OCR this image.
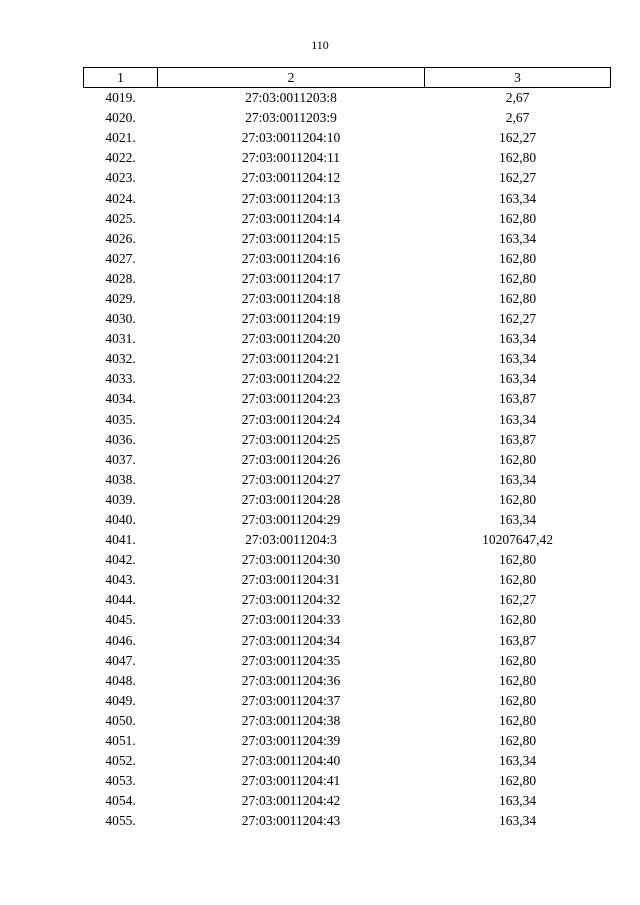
110
1	2	3
4019.	27:03:0011203:8	2,67
4020.	27:03:0011203:9	2,67
4021.	27:03:0011204:10	162,27
4022.	27:03:0011204:11	162,80
4023.	27:03:0011204:12	162,27
4024.	27:03:0011204:13	163,34
4025.	27:03:0011204:14	162,80
4026.	27:03:0011204:15	163,34
4027.	27:03:0011204:16	162,80
4028.	27:03:0011204:17	162,80
4029.	27:03:0011204:18	162,80
4030.	27:03:0011204:19	162,27
4031.	27:03:0011204:20	163,34
4032.	27:03:0011204:21	163,34
4033.	27:03:0011204:22	163,34
4034.	27:03:0011204:23	163,87
4035.	27:03:0011204:24	163,34
4036.	27:03:0011204:25	163,87
4037.	27:03:0011204:26	162,80
4038.	27:03:0011204:27	163,34
4039.	27:03:0011204:28	162,80
4040.	27:03:0011204:29	163,34
4041.	27:03:0011204:3	10207647,42
4042.	27:03:0011204:30	162,80
4043.	27:03:0011204:31	162,80
4044.	27:03:0011204:32	162,27
4045.	27:03:0011204:33	162,80
4046.	27:03:0011204:34	163,87
4047.	27:03:0011204:35	162,80
4048.	27:03:0011204:36	162,80
4049.	27:03:0011204:37	162,80
4050.	27:03:0011204:38	162,80
4051.	27:03:0011204:39	162,80
4052.	27:03:0011204:40	163,34
4053.	27:03:0011204:41	162,80
4054.	27:03:0011204:42	163,34
4055.	27:03:0011204:43	163,34
